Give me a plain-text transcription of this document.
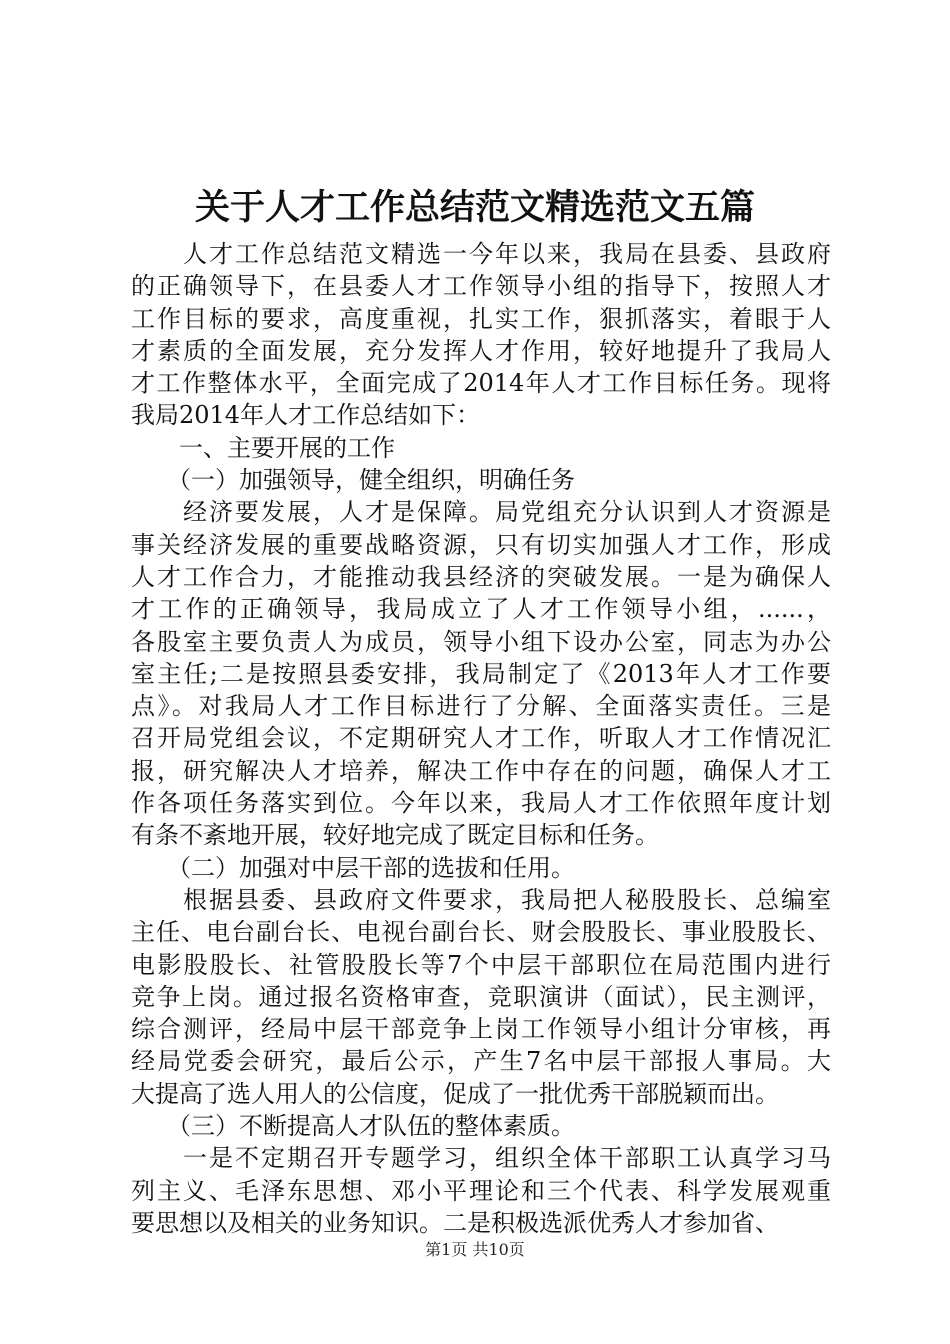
关于人才工作总结范文精选范文五篇
　　人才工作总结范文精选一今年以来，我局在县委、县政府
的正确领导下，在县委人才工作领导小组的指导下，按照人才
工作目标的要求，高度重视，扎实工作，狠抓落实，着眼于人
才素质的全面发展，充分发挥人才作用，较好地提升了我局人
才工作整体水平，全面完成了2014年人才工作目标任务。现将
我局2014年人才工作总结如下：
　　一、主要开展的工作
　　（一）加强领导，健全组织，明确任务
　　经济要发展，人才是保障。局党组充分认识到人才资源是
事关经济发展的重要战略资源，只有切实加强人才工作，形成
人才工作合力，才能推动我县经济的突破发展。一是为确保人
才工作的正确领导，我局成立了人才工作领导小组，......，
各股室主要负责人为成员，领导小组下设办公室，同志为办公
室主任;二是按照县委安排，我局制定了《2013年人才工作要
点》。对我局人才工作目标进行了分解、全面落实责任。三是
召开局党组会议，不定期研究人才工作，听取人才工作情况汇
报，研究解决人才培养，解决工作中存在的问题，确保人才工
作各项任务落实到位。今年以来，我局人才工作依照年度计划
有条不紊地开展，较好地完成了既定目标和任务。
　　（二）加强对中层干部的选拔和任用。
　　根据县委、县政府文件要求，我局把人秘股股长、总编室
主任、电台副台长、电视台副台长、财会股股长、事业股股长、
电影股股长、社管股股长等7个中层干部职位在局范围内进行
竞争上岗。通过报名资格审查，竞职演讲（面试），民主测评，
综合测评，经局中层干部竞争上岗工作领导小组计分审核，再
经局党委会研究，最后公示，产生7名中层干部报人事局。大
大提高了选人用人的公信度，促成了一批优秀干部脱颖而出。
　　（三）不断提高人才队伍的整体素质。
　　一是不定期召开专题学习，组织全体干部职工认真学习马
列主义、毛泽东思想、邓小平理论和三个代表、科学发展观重
要思想以及相关的业务知识。二是积极选派优秀人才参加省、
第1页 共10页
